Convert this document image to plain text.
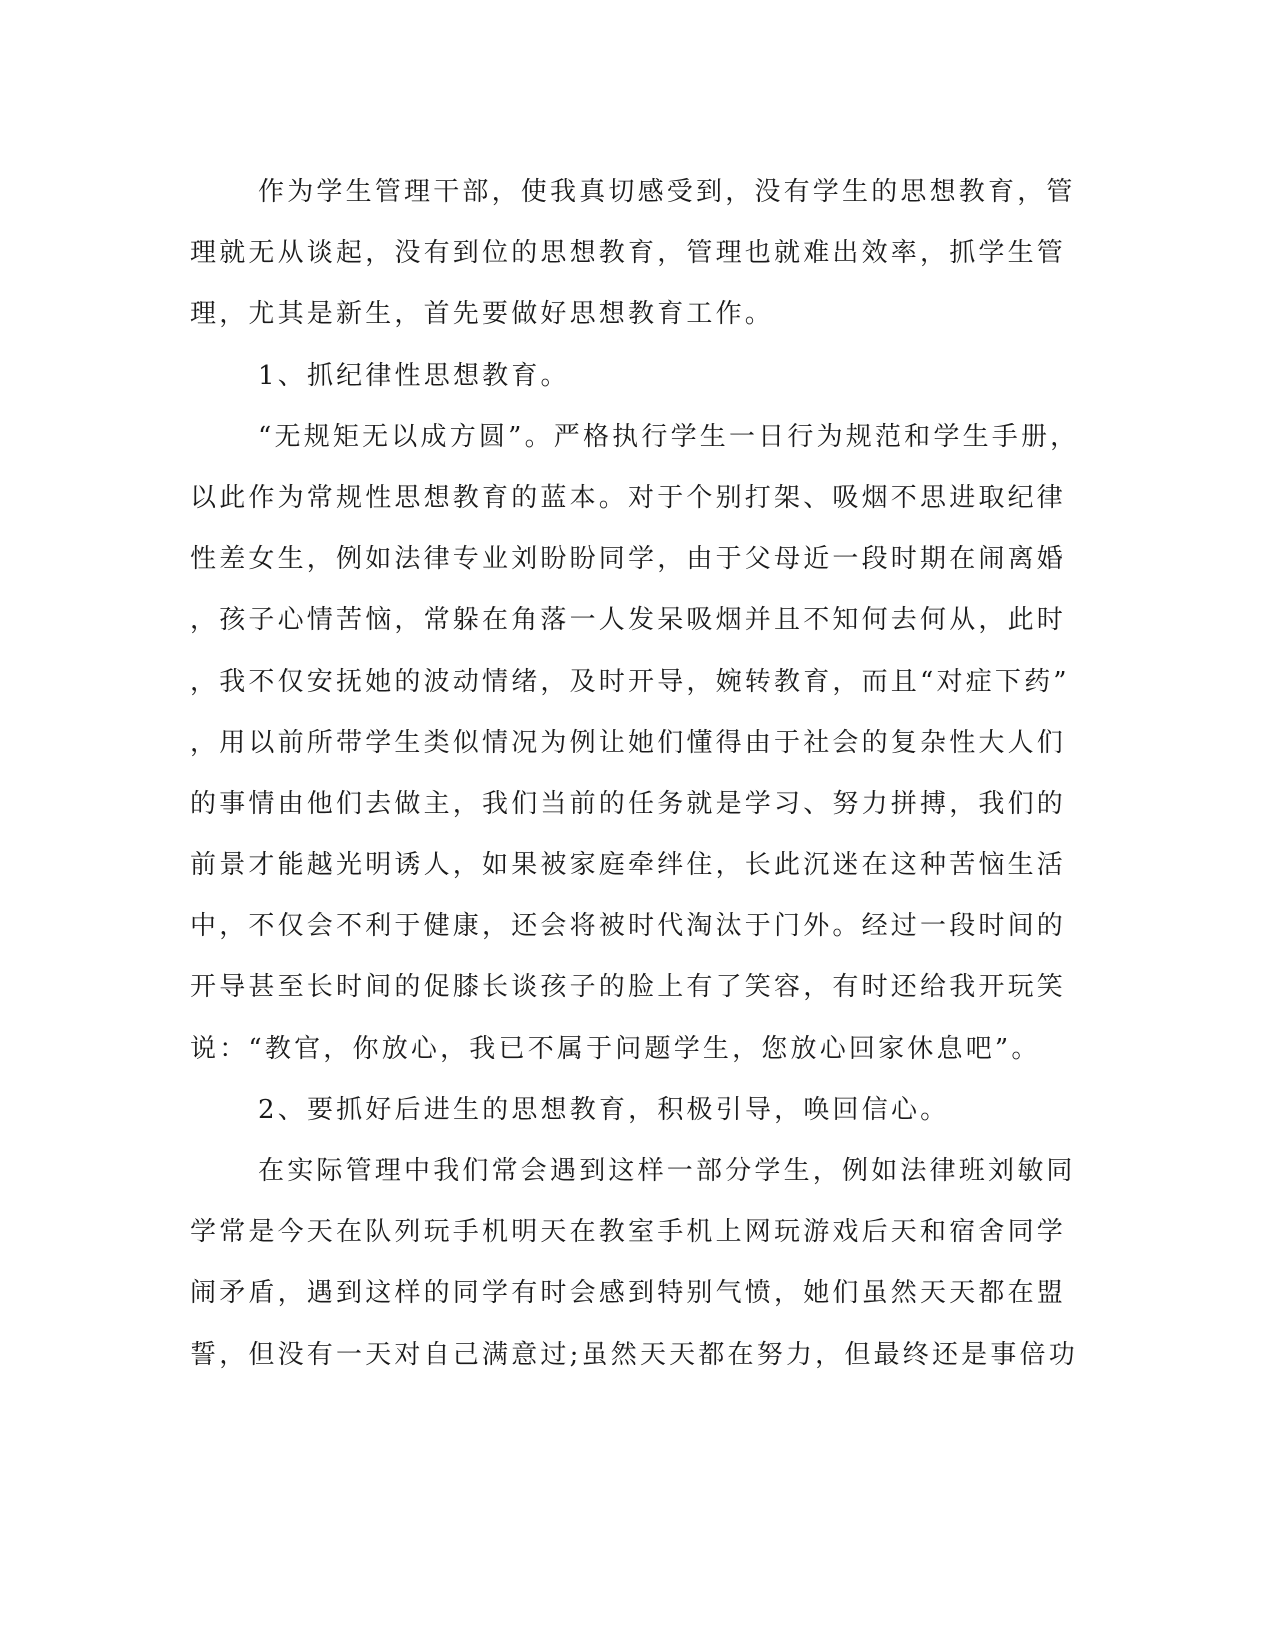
作为学生管理干部，使我真切感受到，没有学生的思想教育，管
理就无从谈起，没有到位的思想教育，管理也就难出效率，抓学生管
理，尤其是新生，首先要做好思想教育工作。
1、抓纪律性思想教育。
“无规矩无以成方圆”。严格执行学生一日行为规范和学生手册，
以此作为常规性思想教育的蓝本。对于个别打架、吸烟不思进取纪律
性差女生，例如法律专业刘盼盼同学，由于父母近一段时期在闹离婚
，孩子心情苦恼，常躲在角落一人发呆吸烟并且不知何去何从，此时
，我不仅安抚她的波动情绪，及时开导，婉转教育，而且“对症下药”
，用以前所带学生类似情况为例让她们懂得由于社会的复杂性大人们
的事情由他们去做主，我们当前的任务就是学习、努力拼搏，我们的
前景才能越光明诱人，如果被家庭牵绊住，长此沉迷在这种苦恼生活
中，不仅会不利于健康，还会将被时代淘汰于门外。经过一段时间的
开导甚至长时间的促膝长谈孩子的脸上有了笑容，有时还给我开玩笑
说：“教官，你放心，我已不属于问题学生，您放心回家休息吧”。
2、要抓好后进生的思想教育，积极引导，唤回信心。
在实际管理中我们常会遇到这样一部分学生，例如法律班刘敏同
学常是今天在队列玩手机明天在教室手机上网玩游戏后天和宿舍同学
闹矛盾，遇到这样的同学有时会感到特别气愤，她们虽然天天都在盟
誓，但没有一天对自己满意过;虽然天天都在努力，但最终还是事倍功
